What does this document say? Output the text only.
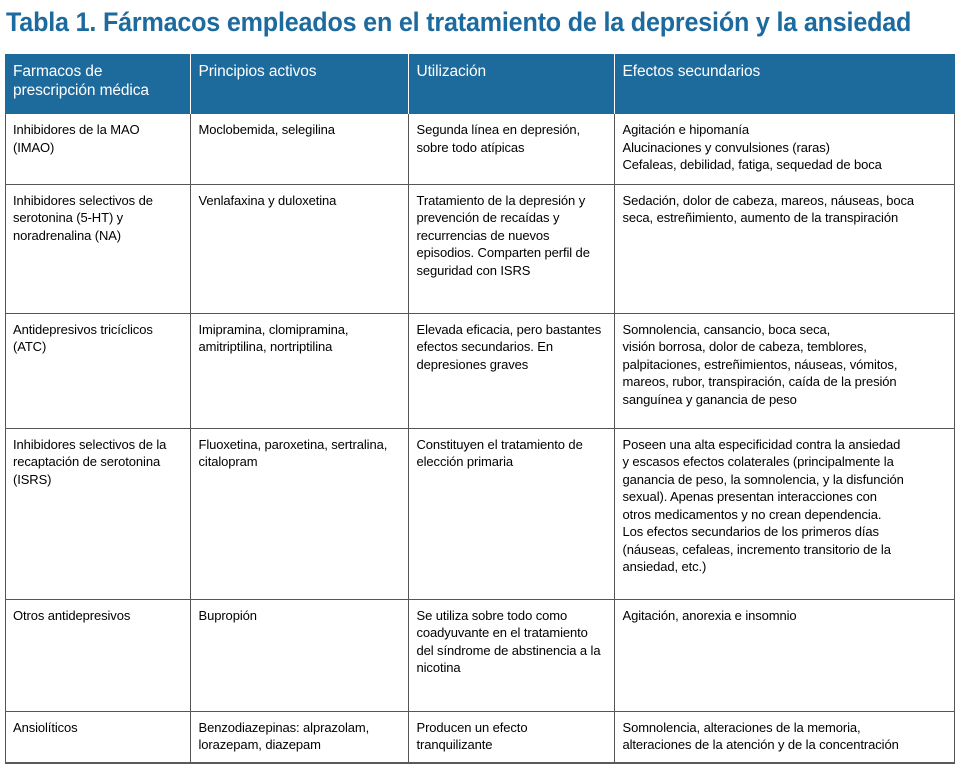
Tabla 1. Fármacos empleados en el tratamiento de la depresión y la ansiedad
Farmacos de
prescripción médica	Principios activos	Utilización	Efectos secundarios
Inhibidores de la MAO (IMAO)	Moclobemida, selegilina	Segunda línea en depresión, sobre todo atípicas	Agitación e hipomanía
Alucinaciones y convulsiones (raras)
Cefaleas, debilidad, fatiga, sequedad de boca

Inhibidores selectivos de serotonina (5-HT) y noradrenalina (NA)	Venlafaxina y duloxetina	Tratamiento de la depresión y prevención de recaídas y recurrencias de nuevos episodios. Comparten perfil de seguridad con ISRS	Sedación, dolor de cabeza, mareos, náuseas, boca
seca, estreñimiento, aumento de la transpiración

Antidepresivos tricíclicos (ATC)	Imipramina, clomipramina, amitriptilina, nortriptilina	Elevada eficacia, pero bastantes efectos secundarios. En depresiones graves	Somnolencia, cansancio, boca seca,
visión borrosa, dolor de cabeza, temblores,
palpitaciones, estreñimientos, náuseas, vómitos,
mareos, rubor, transpiración, caída de la presión
sanguínea y ganancia de peso

Inhibidores selectivos de la recaptación de serotonina (ISRS)	Fluoxetina, paroxetina, sertralina, citalopram	Constituyen el tratamiento de elección primaria	
Poseen una alta especificidad contra la ansiedad
y escasos efectos colaterales (principalmente la
ganancia de peso, la somnolencia, y la disfunción
sexual). Apenas presentan interacciones con
otros medicamentos y no crean dependencia.
Los efectos secundarios de los primeros días
(náuseas, cefaleas, incremento transitorio de la
ansiedad, etc.)

Otros antidepresivos	Bupropión	Se utiliza sobre todo como coadyuvante en el tratamiento del síndrome de abstinencia a la nicotina	Agitación, anorexia e insomnio

Ansiolíticos	Benzodiazepinas: alprazolam, lorazepam, diazepam	Producen un efecto tranquilizante	Somnolencia, alteraciones de la memoria,
alteraciones de la atención y de la concentración
